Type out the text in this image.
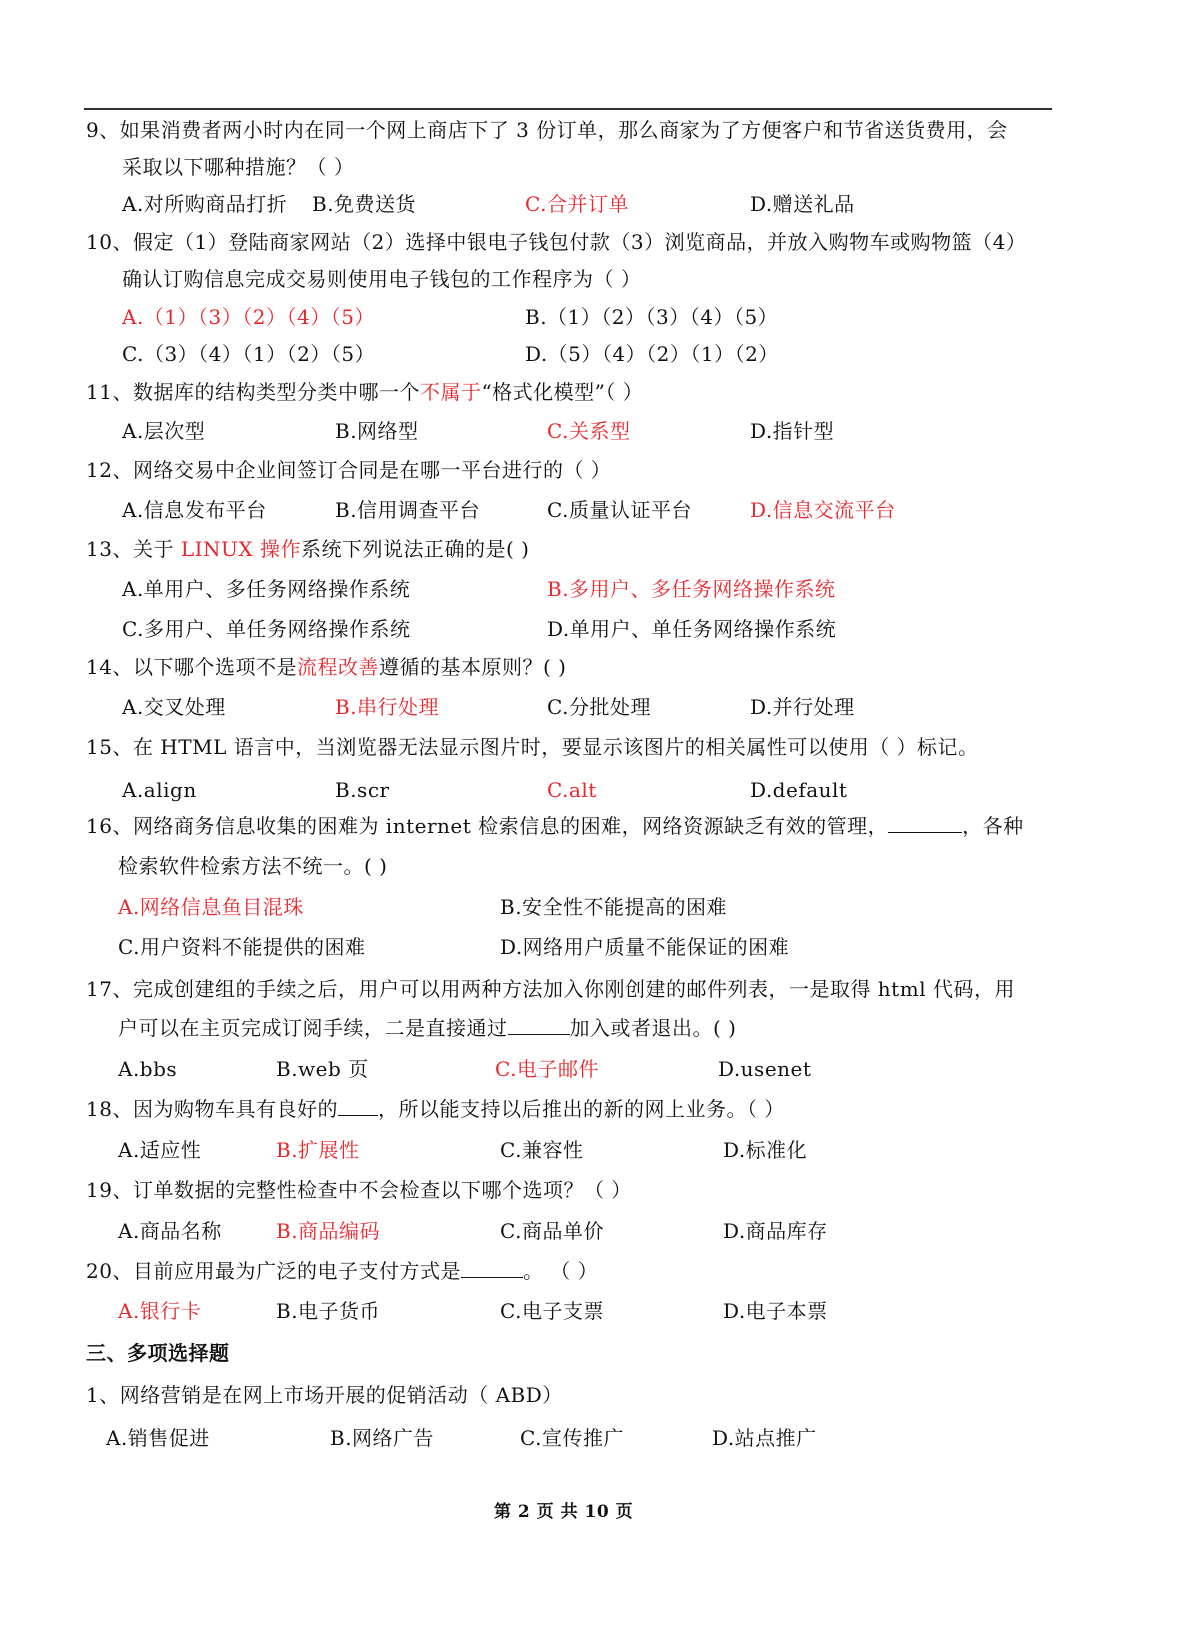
9、如果消费者两小时内在同一个网上商店下了 3 份订单，那么商家为了方便客户和节省送货费用，会
采取以下哪种措施？（ ）
A.对所购商品打折 B.免费送货	C.合并订单	D.赠送礼品
10、假定（1）登陆商家网站（2）选择中银电子钱包付款（3）浏览商品，并放入购物车或购物篮（4）
确认订购信息完成交易则使用电子钱包的工作程序为（ ）
A.（1）（3）（2）（4）（5）	B.（1）（2）（3）（4）（5）
C.（3）（4）（1）（2）（5）	D.（5）（4）（2）（1）（2）
11、数据库的结构类型分类中哪一个不属于“格式化模型”（ ）
A.层次型	B.网络型	C.关系型	D.指针型
12、网络交易中企业间签订合同是在哪一平台进行的（ ）
A.信息发布平台	B.信用调查平台	C.质量认证平台	D.信息交流平台
13、关于 LINUX 操作系统下列说法正确的是( )
A.单用户、多任务网络操作系统	B.多用户、多任务网络操作系统
C.多用户、单任务网络操作系统	D.单用户、单任务网络操作系统
14、以下哪个选项不是流程改善遵循的基本原则？( )
A.交叉处理	B.串行处理	C.分批处理	D.并行处理
15、在 HTML 语言中，当浏览器无法显示图片时，要显示该图片的相关属性可以使用（ ）标记。
A.align	B.scr	C.alt	D.default
16、网络商务信息收集的困难为 internet 检索信息的困难，网络资源缺乏有效的管理，	，各种
检索软件检索方法不统一。( )
A.网络信息鱼目混珠	B.安全性不能提高的困难
C.用户资料不能提供的困难	D.网络用户质量不能保证的困难
17、完成创建组的手续之后，用户可以用两种方法加入你刚创建的邮件列表，一是取得 html 代码，用
户可以在主页完成订阅手续，二是直接通过	加入或者退出。( )
A.bbs	B.web 页	C.电子邮件	D.usenet
18、因为购物车具有良好的 ，所以能支持以后推出的新的网上业务。（ ）
A.适应性	B.扩展性	C.兼容性	D.标准化
19、订单数据的完整性检查中不会检查以下哪个选项？（ ）
A.商品名称	B.商品编码	C.商品单价	D.商品库存
20、目前应用最为广泛的电子支付方式是	。 （ ）
A.银行卡	B.电子货币	C.电子支票	D.电子本票
三、多项选择题
1、网络营销是在网上市场开展的促销活动（ ABD）
A.销售促进	B.网络广告	C.宣传推广	D.站点推广
第 2 页 共 10 页
